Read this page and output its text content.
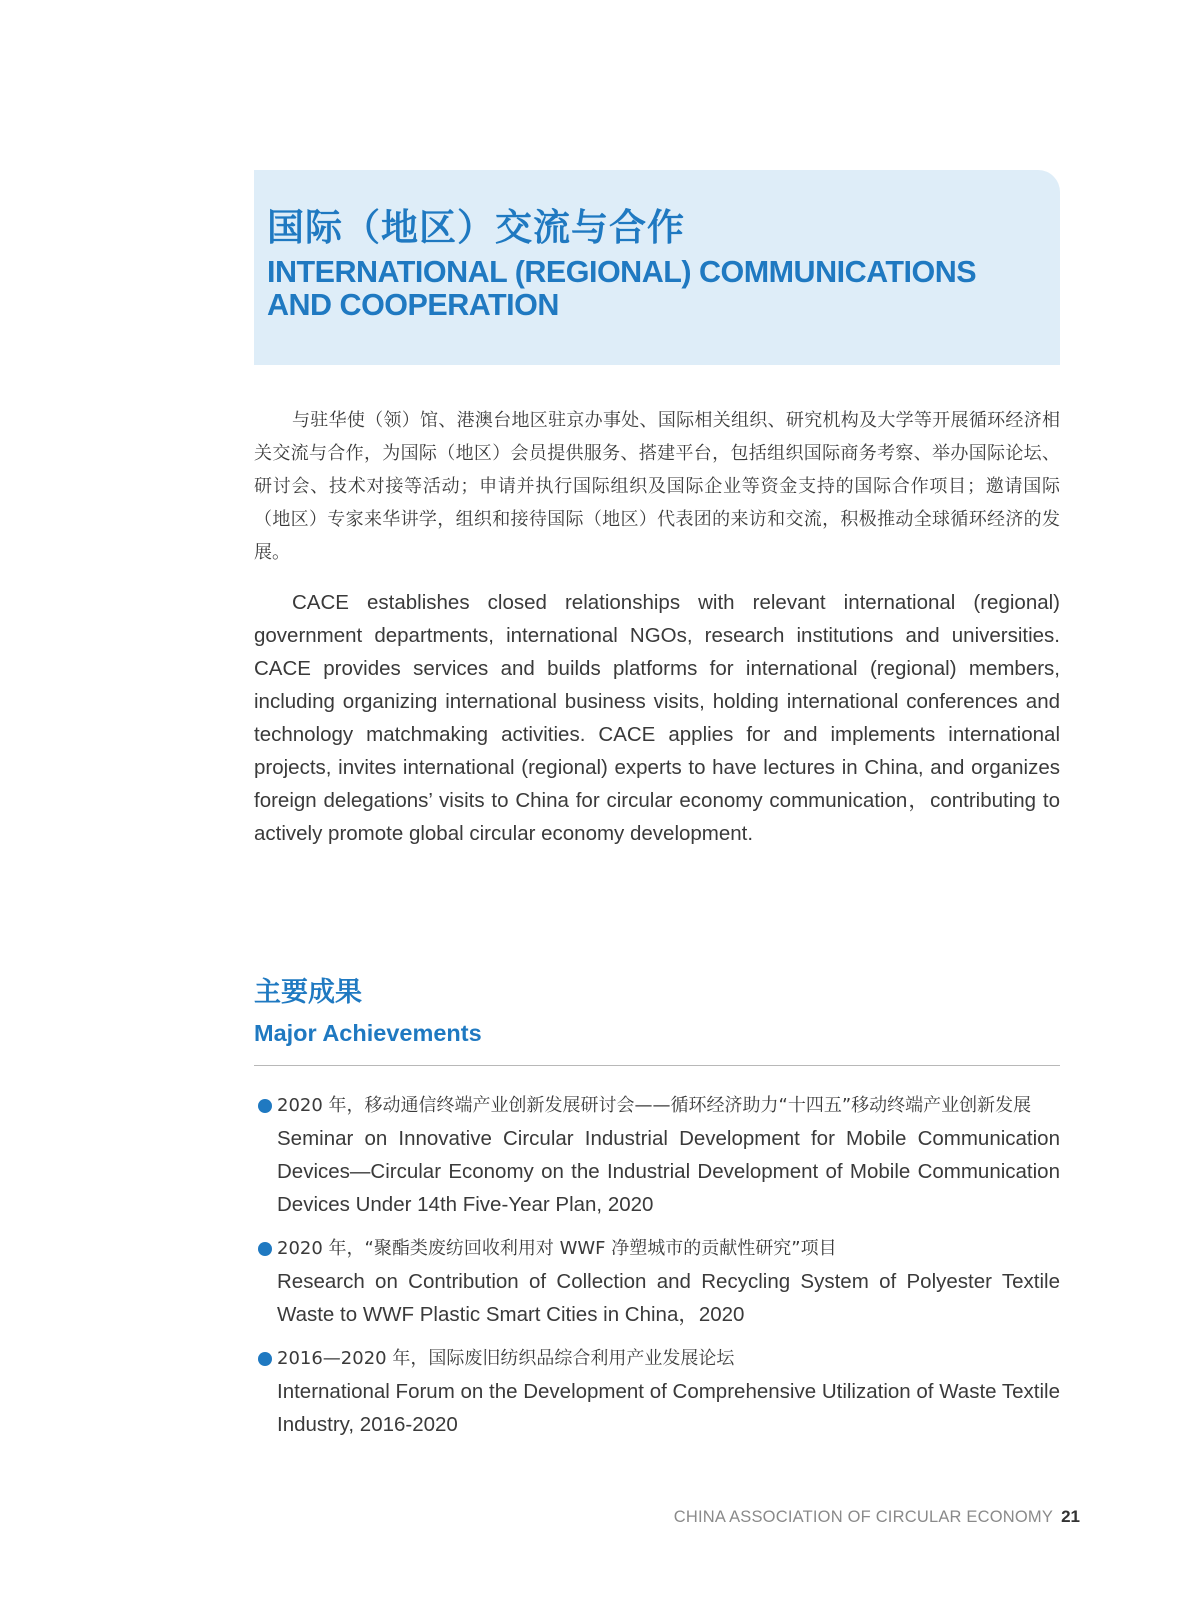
国际（地区）交流与合作
INTERNATIONAL (REGIONAL) COMMUNICATIONS
AND COOPERATION

与驻华使（领）馆、港澳台地区驻京办事处、国际相关组织、研究机构及大学等开展循环经济相关交流与合作，为国际（地区）会员提供服务、搭建平台，包括组织国际商务考察、举办国际论坛、研讨会、技术对接等活动；申请并执行国际组织及国际企业等资金支持的国际合作项目；邀请国际（地区）专家来华讲学，组织和接待国际（地区）代表团的来访和交流，积极推动全球循环经济的发展。

CACE establishes closed relationships with relevant international (regional) government departments, international NGOs, research institutions and universities. CACE provides services and builds platforms for international (regional) members, including organizing international business visits, holding international conferences and technology matchmaking activities. CACE applies for and implements international projects, invites international (regional) experts to have lectures in China, and organizes foreign delegations’ visits to China for circular economy communication，contributing to actively promote global circular economy development.

主要成果
Major Achievements
2020 年，移动通信终端产业创新发展研讨会——循环经济助力“十四五”移动终端产业创新发展
Seminar on Innovative Circular Industrial Development for Mobile Communication Devices—Circular Economy on the Industrial Development of Mobile Communication Devices Under 14th Five-Year Plan, 2020
2020 年，“聚酯类废纺回收利用对 WWF 净塑城市的贡献性研究”项目
Research on Contribution of Collection and Recycling System of Polyester Textile Waste to WWF Plastic Smart Cities in China，2020
2016—2020 年，国际废旧纺织品综合利用产业发展论坛
International Forum on the Development of Comprehensive Utilization of Waste Textile Industry, 2016-2020
CHINA ASSOCIATION OF CIRCULAR ECONOMY 21
